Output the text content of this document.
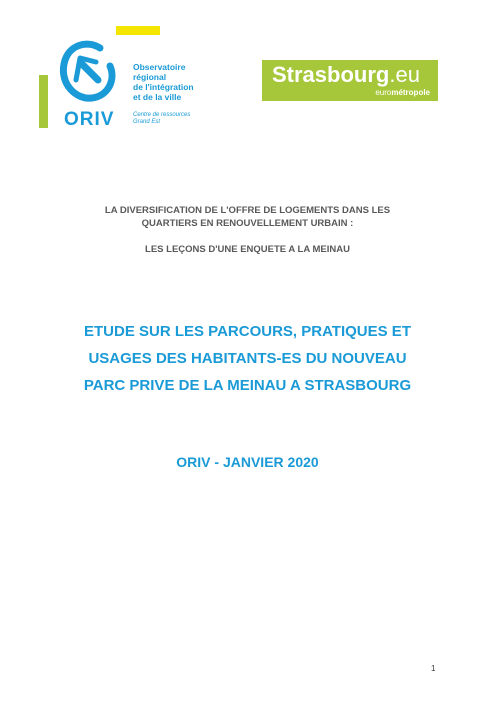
ORIV
Observatoire
régional
de l'intégration
et de la ville
Centre de ressources
Grand Est
Strasbourg.eu
eurométropole
LA DIVERSIFICATION DE L'OFFRE DE LOGEMENTS DANS LES
QUARTIERS EN RENOUVELLEMENT URBAIN :
LES LEÇONS D'UNE ENQUETE A LA MEINAU
ETUDE SUR LES PARCOURS, PRATIQUES ET
USAGES DES HABITANTS-ES DU NOUVEAU
PARC PRIVE DE LA MEINAU A STRASBOURG
ORIV - JANVIER 2020
1
